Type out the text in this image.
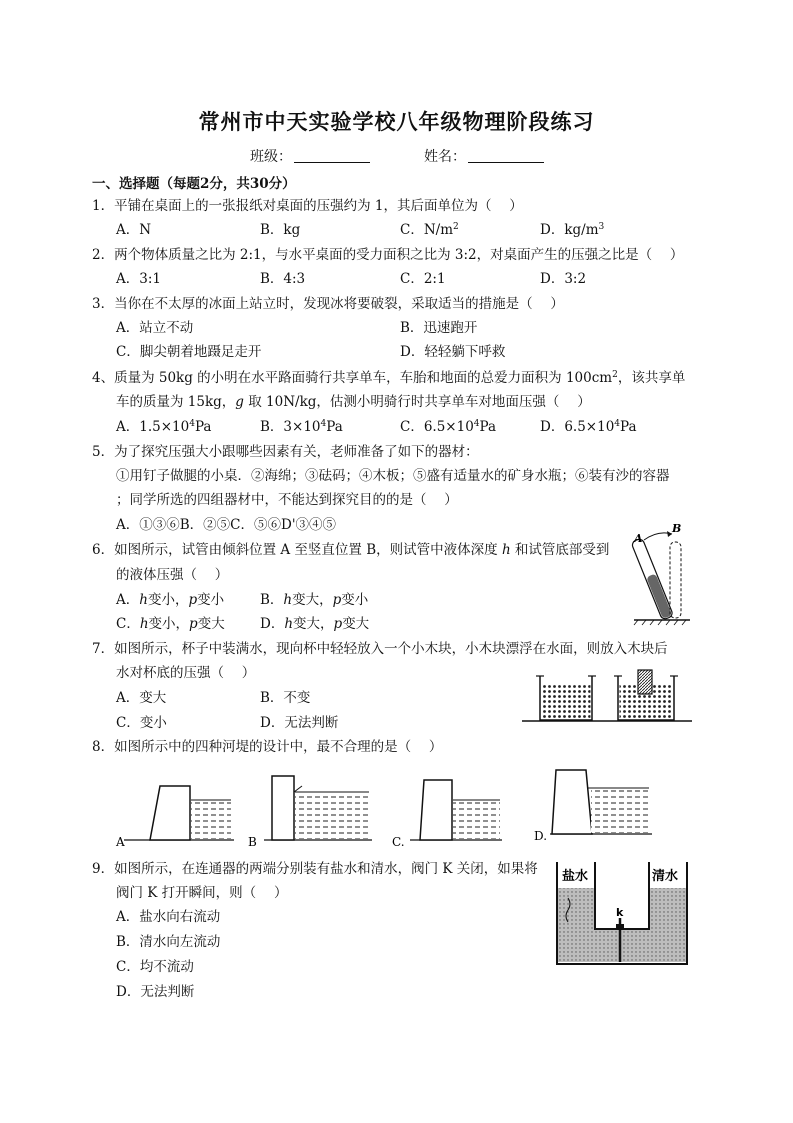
常州市中天实验学校八年级物理阶段练习
班级：	姓名：
一、选择题（每题2分，共30分）
1．平铺在桌面上的一张报纸对桌面的压强约为 1，其后面单位为（　 ）
A．N	B．kg	C．$N/m^2$	D．$kg/m^3$
2．两个物体质量之比为 2:1，与水平桌面的受力面积之比为 3:2，对桌面产生的压强之比是（　 ）
A．3:1	B．4:3	C．2:1	D．3:2
3．当你在不太厚的冰面上站立时，发现冰将要破裂，采取适当的措施是（　 ）
A．站立不动	B．迅速跑开
C．脚尖朝着地蹑足走开	D．轻轻躺下呼救
4、质量为 50kg 的小明在水平路面骑行共享单车，车胎和地面的总爱力面积为 $100cm^2$，该共享单
车的质量为 15kg，g 取 10N/kg，估测小明骑行时共享单车对地面压强（　 ）
A．$1.5\times 10^4Pa$	B．$3\times 10^4Pa$	C．$6.5\times 10^4Pa$	D．$6.5\times 10^4Pa$
5．为了探究压强大小跟哪些因素有关，老师准备了如下的器材：
①用钉子做腿的小桌．②海绵；③砝码；④木板；⑤盛有适量水的矿身水瓶；⑥装有沙的容器
；同学所选的四组器材中，不能达到探究目的的是（　 ）
A．①③⑥B．②⑤C．⑤⑥D'③④⑤
6．如图所示，试管由倾斜位置 A 至竖直位置 B，则试管中液体深度 h 和试管底部受到
的液体压强（　 ）
A．h变小，p变小	B．h变大，p变小
C．h变小，p变大	D．h变大，p变大
A
B
7．如图所示，杯子中装满水，现向杯中轻轻放入一个小木块，小木块漂浮在水面，则放入木块后
水对杯底的压强（　 ）
A．变大	B．不变
C．变小	D．无法判断
8．如图所示中的四种河堤的设计中，最不合理的是（　 ）
A	B	C.	D.
9．如图所示，在连通器的两端分别装有盐水和清水，阀门 K 关闭，如果将
阀门 K 打开瞬间，则（　 ）
A．盐水向右流动
B．清水向左流动
C．均不流动
D．无法判断
盐水	清水
k
